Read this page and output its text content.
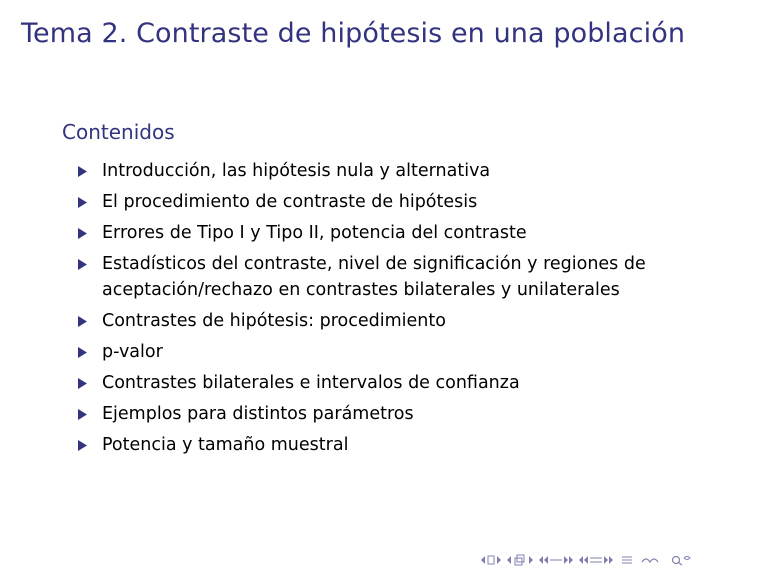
Tema 2. Contraste de hipótesis en una población
Contenidos
Introducción, las hipótesis nula y alternativa
El procedimiento de contraste de hipótesis
Errores de Tipo I y Tipo II, potencia del contraste
Estadísticos del contraste, nivel de significación y regiones de aceptación/rechazo en contrastes bilaterales y unilaterales
Contrastes de hipótesis: procedimiento
p-valor
Contrastes bilaterales e intervalos de confianza
Ejemplos para distintos parámetros
Potencia y tamaño muestral
